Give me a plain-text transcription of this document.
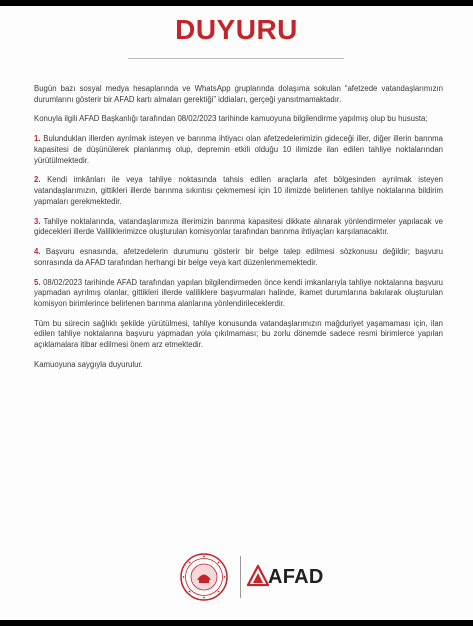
DUYURU

Bugün bazı sosyal medya hesaplarında ve WhatsApp gruplarında dolaşıma sokulan “afetzede vatandaşlarımızın durumlarını gösterir bir AFAD kartı almaları gerektiği” iddiaları, gerçeği yansıtmamaktadır.

Konuyla ilgili AFAD Başkanlığı tarafından 08/02/2023 tarihinde kamuoyuna bilgilendirme yapılmış olup bu hususta;

1. Bulunduklan illerden ayrılmak isteyen ve barınma ihtiyacı olan afetzedelerimizin gideceği iller, diğer illerin barınma kapasitesi de düşünülerek planlanmış olup, depremin etkili olduğu 10 ilimizde ilan edilen tahliye noktalarından yürütülmektedir.

2. Kendi imkânları ile veya tahliye noktasında tahsis edilen araçlarla afet bölgesinden ayrılmak isteyen vatandaşlarımızın, gittikleri illerde barınma sıkıntısı çekmemesi için 10 ilimizde belirlenen tahliye noktalarına bildirim yapmaları gerekmektedir.

3. Tahliye noktalarında, vatandaşlarımıza illerimizin barınma kapasitesi dikkate alınarak yönlendirmeler yapılacak ve gidecekleri illerde Valiliklerimizce oluşturulan komisyonlar tarafından barınma ihtiyaçları karşılanacaktır.

4. Başvuru esnasında, afetzedelerin durumunu gösterir bir belge talep edilmesi sözkonusu değildir; başvuru sonrasında da AFAD tarafından herhangi bir belge veya kart düzenlenmemektedir.

5. 08/02/2023 tarihinde AFAD tarafından yapılan bilgilendirmeden önce kendi imkanlarıyla tahliye noktalarına başvuru yapmadan ayrılmış olanlar, gittikleri illerde valiliklere başvurmaları halinde, ikamet durumlarına bakılarak oluşturulan komisyon birimlerince belirlenen barınma alanlarına yönlendirileceklerdir.

Tüm bu sürecin sağlıklı şekilde yürütülmesi, tahliye konusunda vatandaşlarımızın mağduriyet yaşamaması için, ilan edilen tahliye noktalarına başvuru yapmadan yola çıkılmaması; bu zorlu dönemde sadece resmi birimlerce yapılan açıklamalara itibar edilmesi önem arz etmektedir.

Kamuoyuna saygıyla duyurulur.

AFAD
